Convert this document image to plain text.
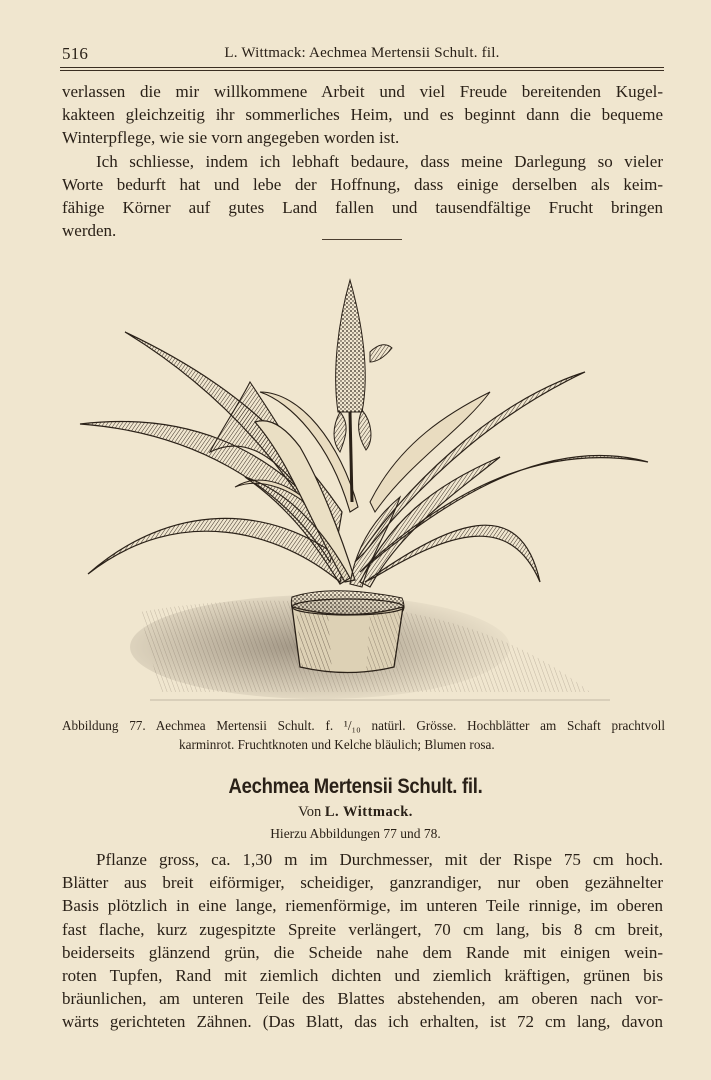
516	L. Wittmack: Aechmea Mertensii Schult. fil.
verlassen die mir willkommene Arbeit und viel Freude bereitenden Kugel-
kakteen gleichzeitig ihr sommerliches Heim, und es beginnt dann die bequeme
Winterpflege, wie sie vorn angegeben worden ist.
Ich schliesse, indem ich lebhaft bedaure, dass meine Darlegung so vieler
Worte bedurft hat und lebe der Hoffnung, dass einige derselben als keim-
fähige Körner auf gutes Land fallen und tausendfältige Frucht bringen
werden.
Abbildung 77. Aechmea Mertensii Schult. f. ¹/₁₀ natürl. Grösse. Hochblätter am Schaft prachtvoll
karminrot. Fruchtknoten und Kelche bläulich; Blumen rosa.
Aechmea Mertensii Schult. fil.
Von L. Wittmack.
Hierzu Abbildungen 77 und 78.
Pflanze gross, ca. 1,30 m im Durchmesser, mit der Rispe 75 cm hoch.
Blätter aus breit eiförmiger, scheidiger, ganzrandiger, nur oben gezähnelter
Basis plötzlich in eine lange, riemenförmige, im unteren Teile rinnige, im oberen
fast flache, kurz zugespitzte Spreite verlängert, 70 cm lang, bis 8 cm breit,
beiderseits glänzend grün, die Scheide nahe dem Rande mit einigen wein-
roten Tupfen, Rand mit ziemlich dichten und ziemlich kräftigen, grünen bis
bräunlichen, am unteren Teile des Blattes abstehenden, am oberen nach vor-
wärts gerichteten Zähnen. (Das Blatt, das ich erhalten, ist 72 cm lang, davon
